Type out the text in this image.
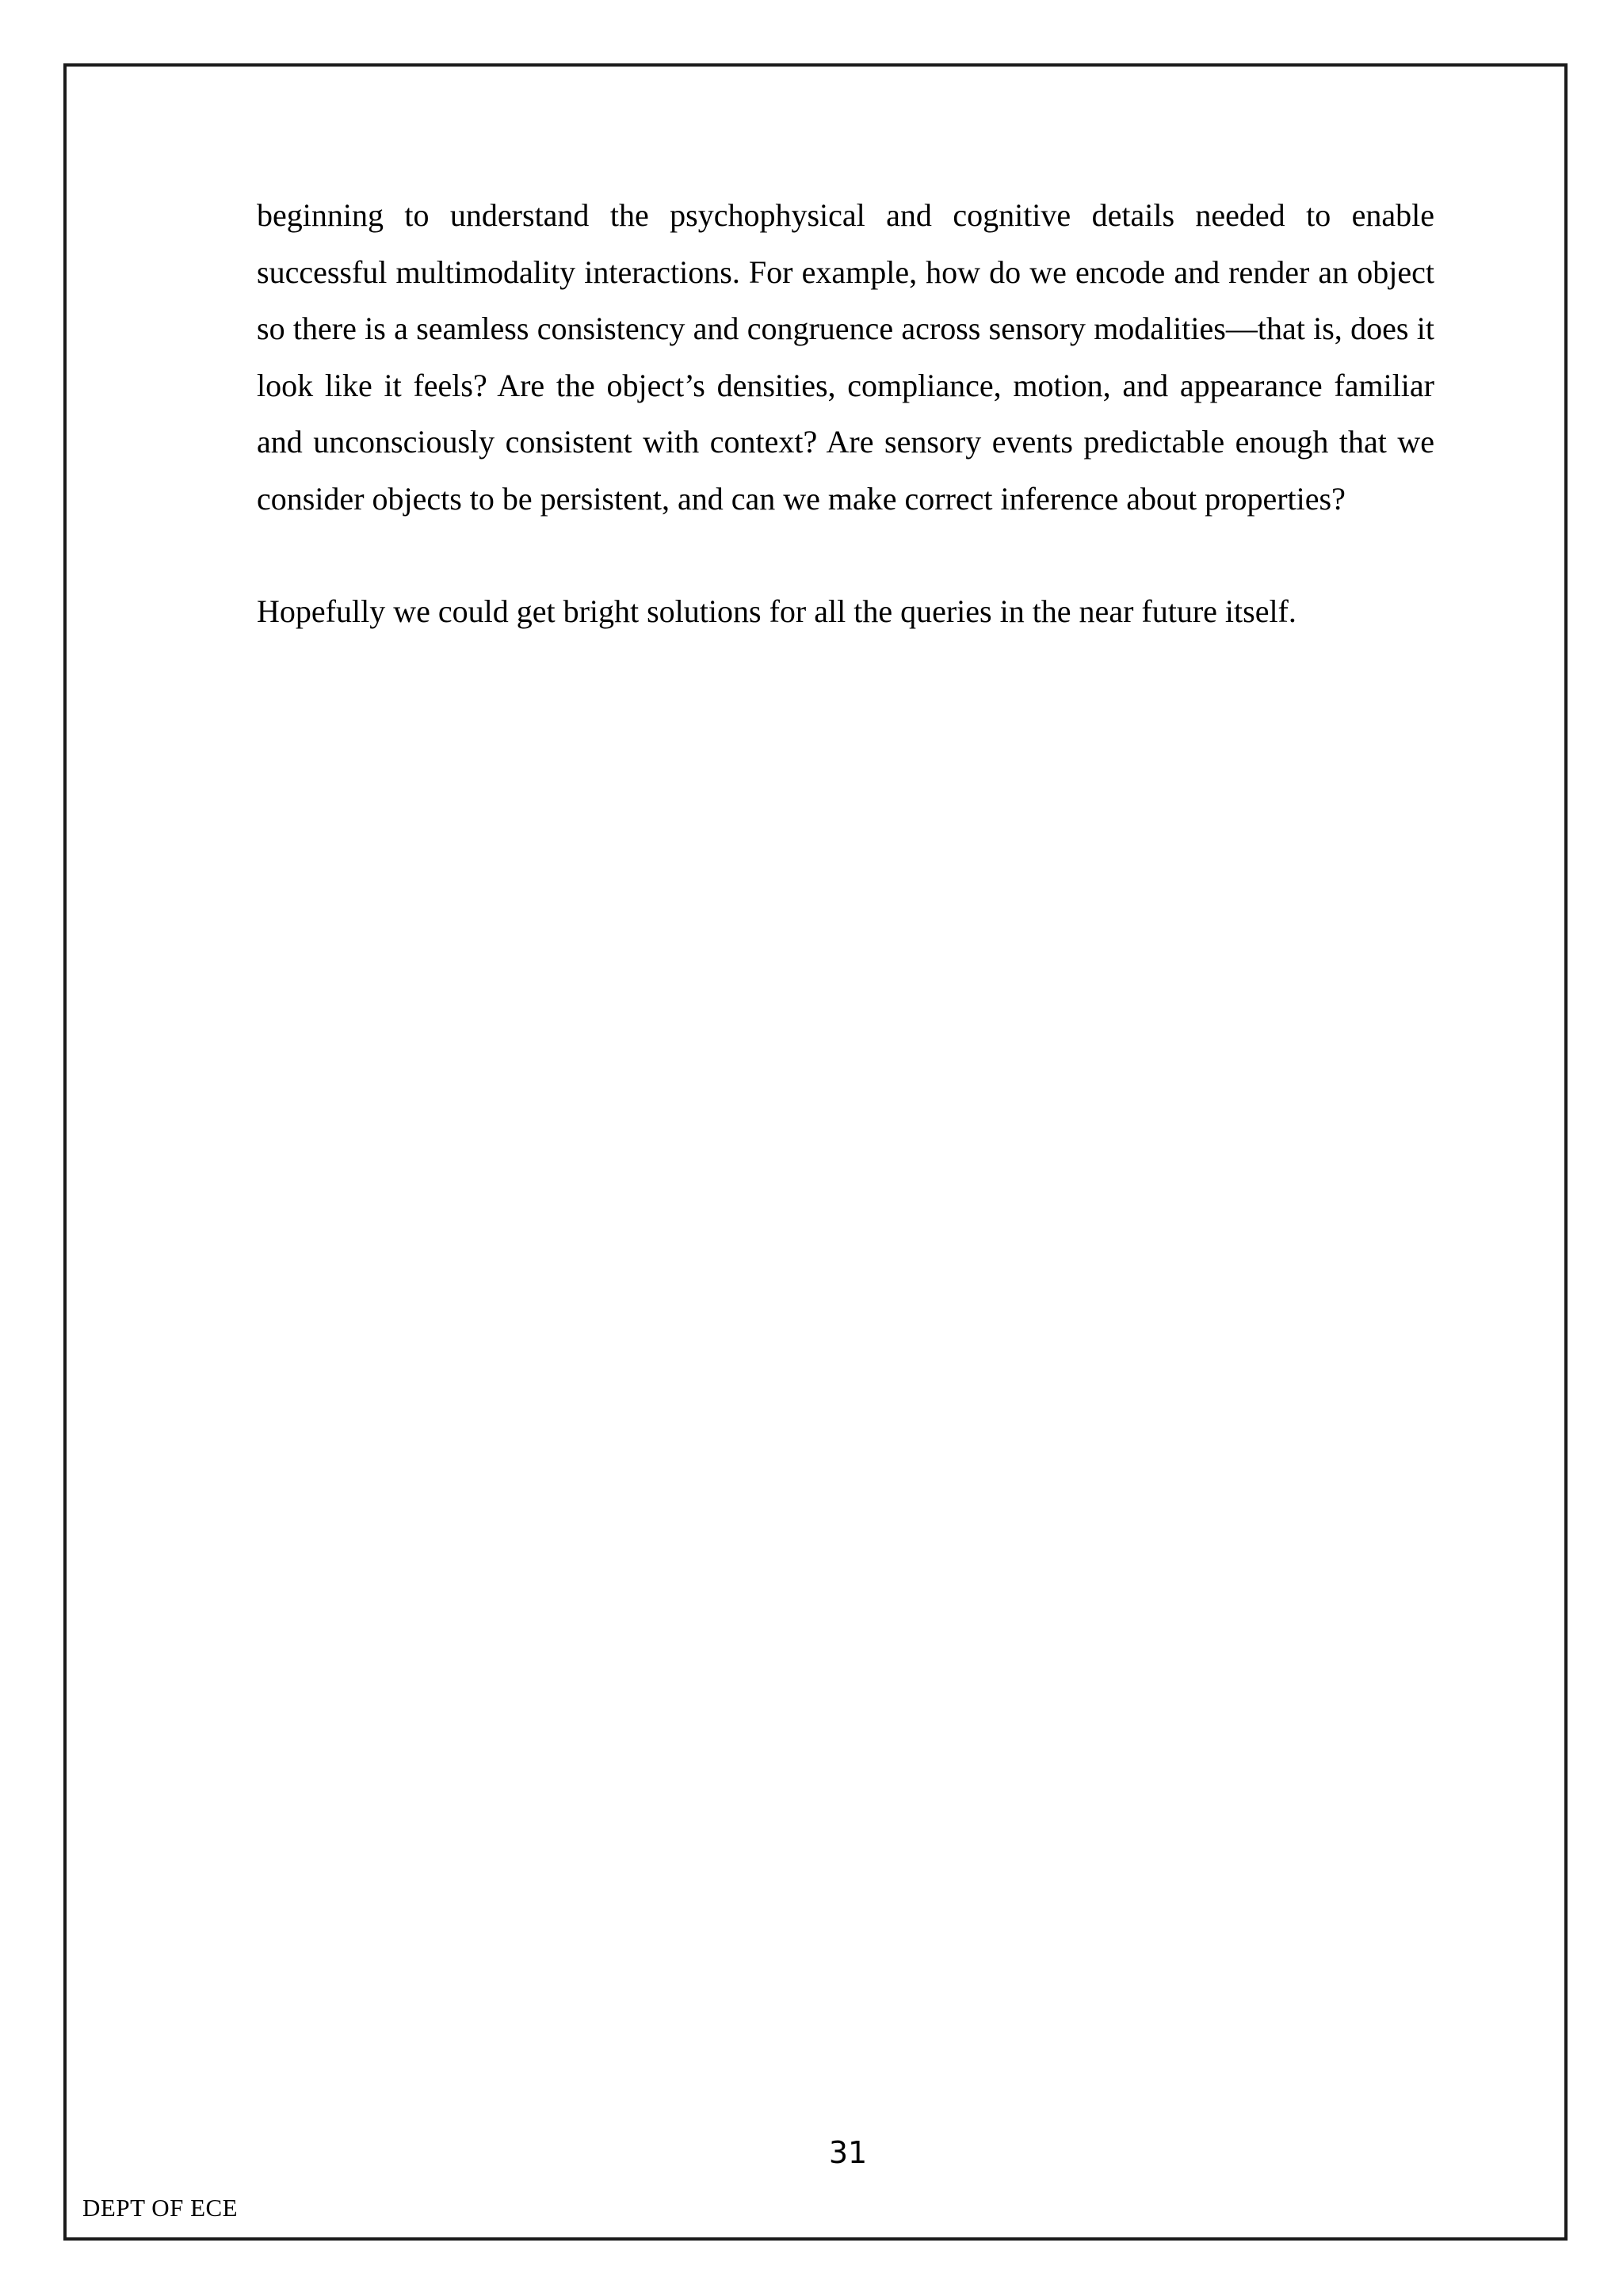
beginning to understand the psychophysical and cognitive details needed to enable successful multimodality interactions. For example, how do we encode and render an object so there is a seamless consistency and congruence across sensory modalities—that is, does it look like it feels? Are the object’s densities, compliance, motion, and appearance familiar and unconsciously consistent with context? Are sensory events predictable enough that we consider objects to be persistent, and can we make correct inference about properties?

Hopefully we could get bright solutions for all the queries in the near future itself.

31
DEPT OF ECE
